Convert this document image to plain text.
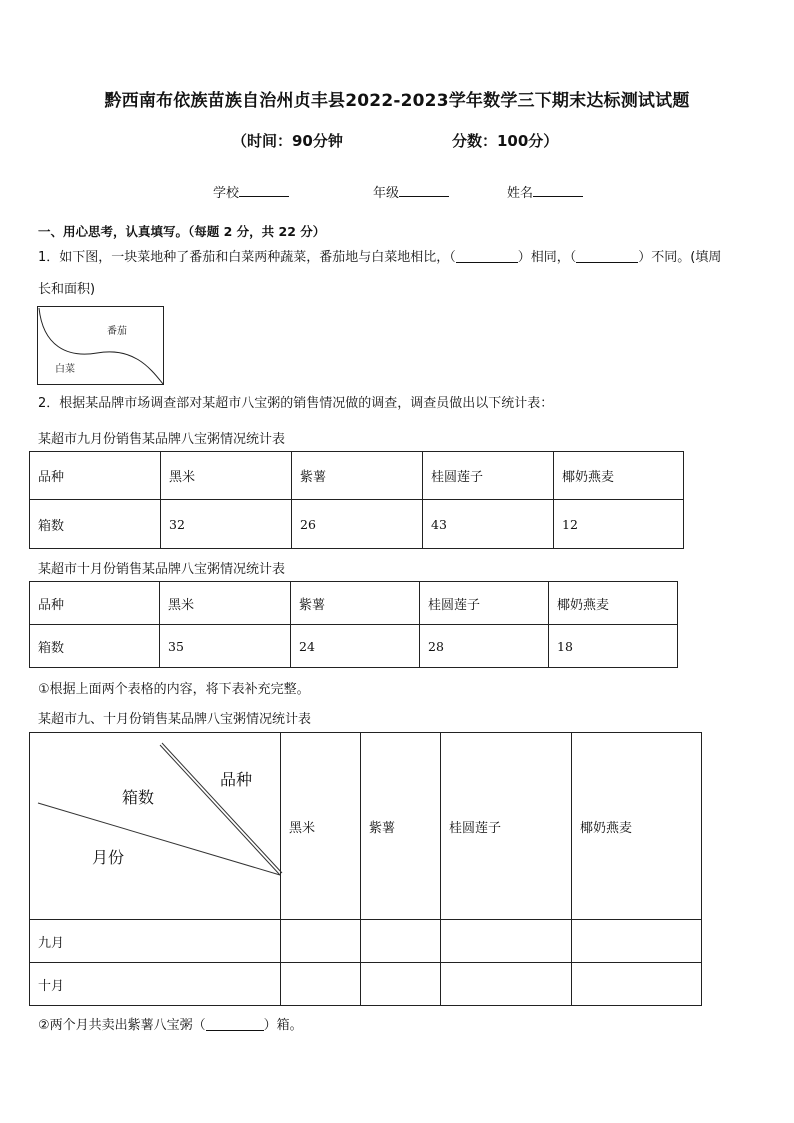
黔西南布依族苗族自治州贞丰县2022-2023学年数学三下期末达标测试试题
（时间：90分钟	分数：100分）
学校	年级	姓名
一、用心思考，认真填写。（每题 2 分，共 22 分）
1．如下图，一块菜地种了番茄和白菜两种蔬菜，番茄地与白菜地相比，（	）相同，（	）不同。(填周
长和面积)
番茄
白菜
2．根据某品牌市场调查部对某超市八宝粥的销售情况做的调查，调查员做出以下统计表：
某超市九月份销售某品牌八宝粥情况统计表
品种	黑米	紫薯	桂圆莲子	椰奶燕麦
箱数	32	26	43	12
某超市十月份销售某品牌八宝粥情况统计表
品种	黑米	紫薯	桂圆莲子	椰奶燕麦
箱数	35	24	28	18
①根据上面两个表格的内容，将下表补充完整。
某超市九、十月份销售某品牌八宝粥情况统计表
品种
箱数
月份	黑米	紫薯	桂圆莲子	椰奶燕麦
九月				
十月				
②两个月共卖出紫薯八宝粥（	）箱。
